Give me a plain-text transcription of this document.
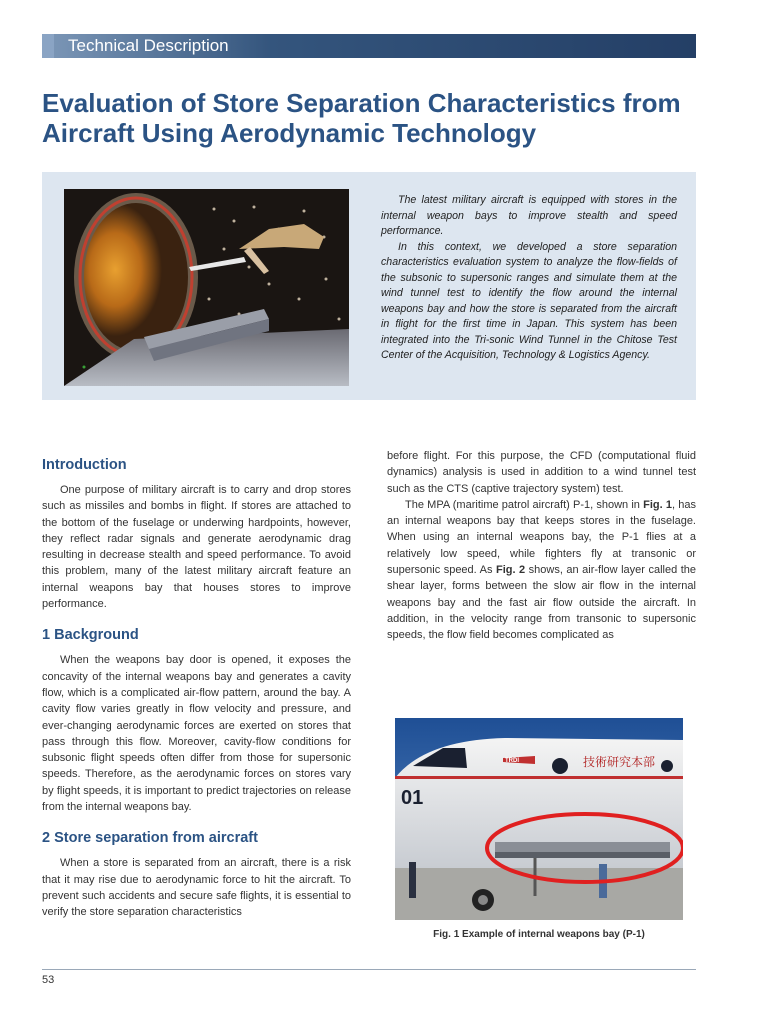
Technical Description
Evaluation of Store Separation Characteristics from Aircraft Using Aerodynamic Technology

The latest military aircraft is equipped with stores in the internal weapon bays to improve stealth and speed performance.

In this context, we developed a store separation characteristics evaluation system to analyze the flow-fields of the subsonic to supersonic ranges and simulate them at the wind tunnel test to identify the flow around the internal weapons bay and how the store is separated from the aircraft in flight for the first time in Japan. This system has been integrated into the Tri-sonic Wind Tunnel in the Chitose Test Center of the Acquisition, Technology & Logistics Agency.

Introduction

One purpose of military aircraft is to carry and drop stores such as missiles and bombs in flight. If stores are attached to the bottom of the fuselage or underwing hardpoints, however, they reflect radar signals and generate aerodynamic drag resulting in decrease stealth and speed performance. To avoid this problem, many of the latest military aircraft feature an internal weapons bay that houses stores to improve performance.

1 Background

When the weapons bay door is opened, it exposes the concavity of the internal weapons bay and generates a cavity flow, which is a complicated air-flow pattern, around the bay. A cavity flow varies greatly in flow velocity and pressure, and ever-changing aerodynamic forces are exerted on stores that pass through this flow. Moreover, cavity-flow conditions for subsonic flight speeds often differ from those for supersonic speeds. Therefore, as the aerodynamic forces on stores vary by flight speeds, it is important to predict trajectories on release from the internal weapons bay.

2 Store separation from aircraft

When a store is separated from an aircraft, there is a risk that it may rise due to aerodynamic force to hit the aircraft. To prevent such accidents and secure safe flights, it is essential to verify the store separation characteristics

before flight. For this purpose, the CFD (computational fluid dynamics) analysis is used in addition to a wind tunnel test such as the CTS (captive trajectory system) test.

The MPA (maritime patrol aircraft) P-1, shown in Fig. 1, has an internal weapons bay that keeps stores in the fuselage. When using an internal weapons bay, the P-1 flies at a relatively low speed, while fighters fly at transonic or supersonic speed. As Fig. 2 shows, an air-flow layer called the shear layer, forms between the slow air flow in the internal weapons bay and the fast air flow outside the aircraft. In addition, in the velocity range from transonic to supersonic speeds, the flow field becomes complicated as

TRDI
01
技術研究本部
Fig. 1 Example of internal weapons bay (P-1)
53
